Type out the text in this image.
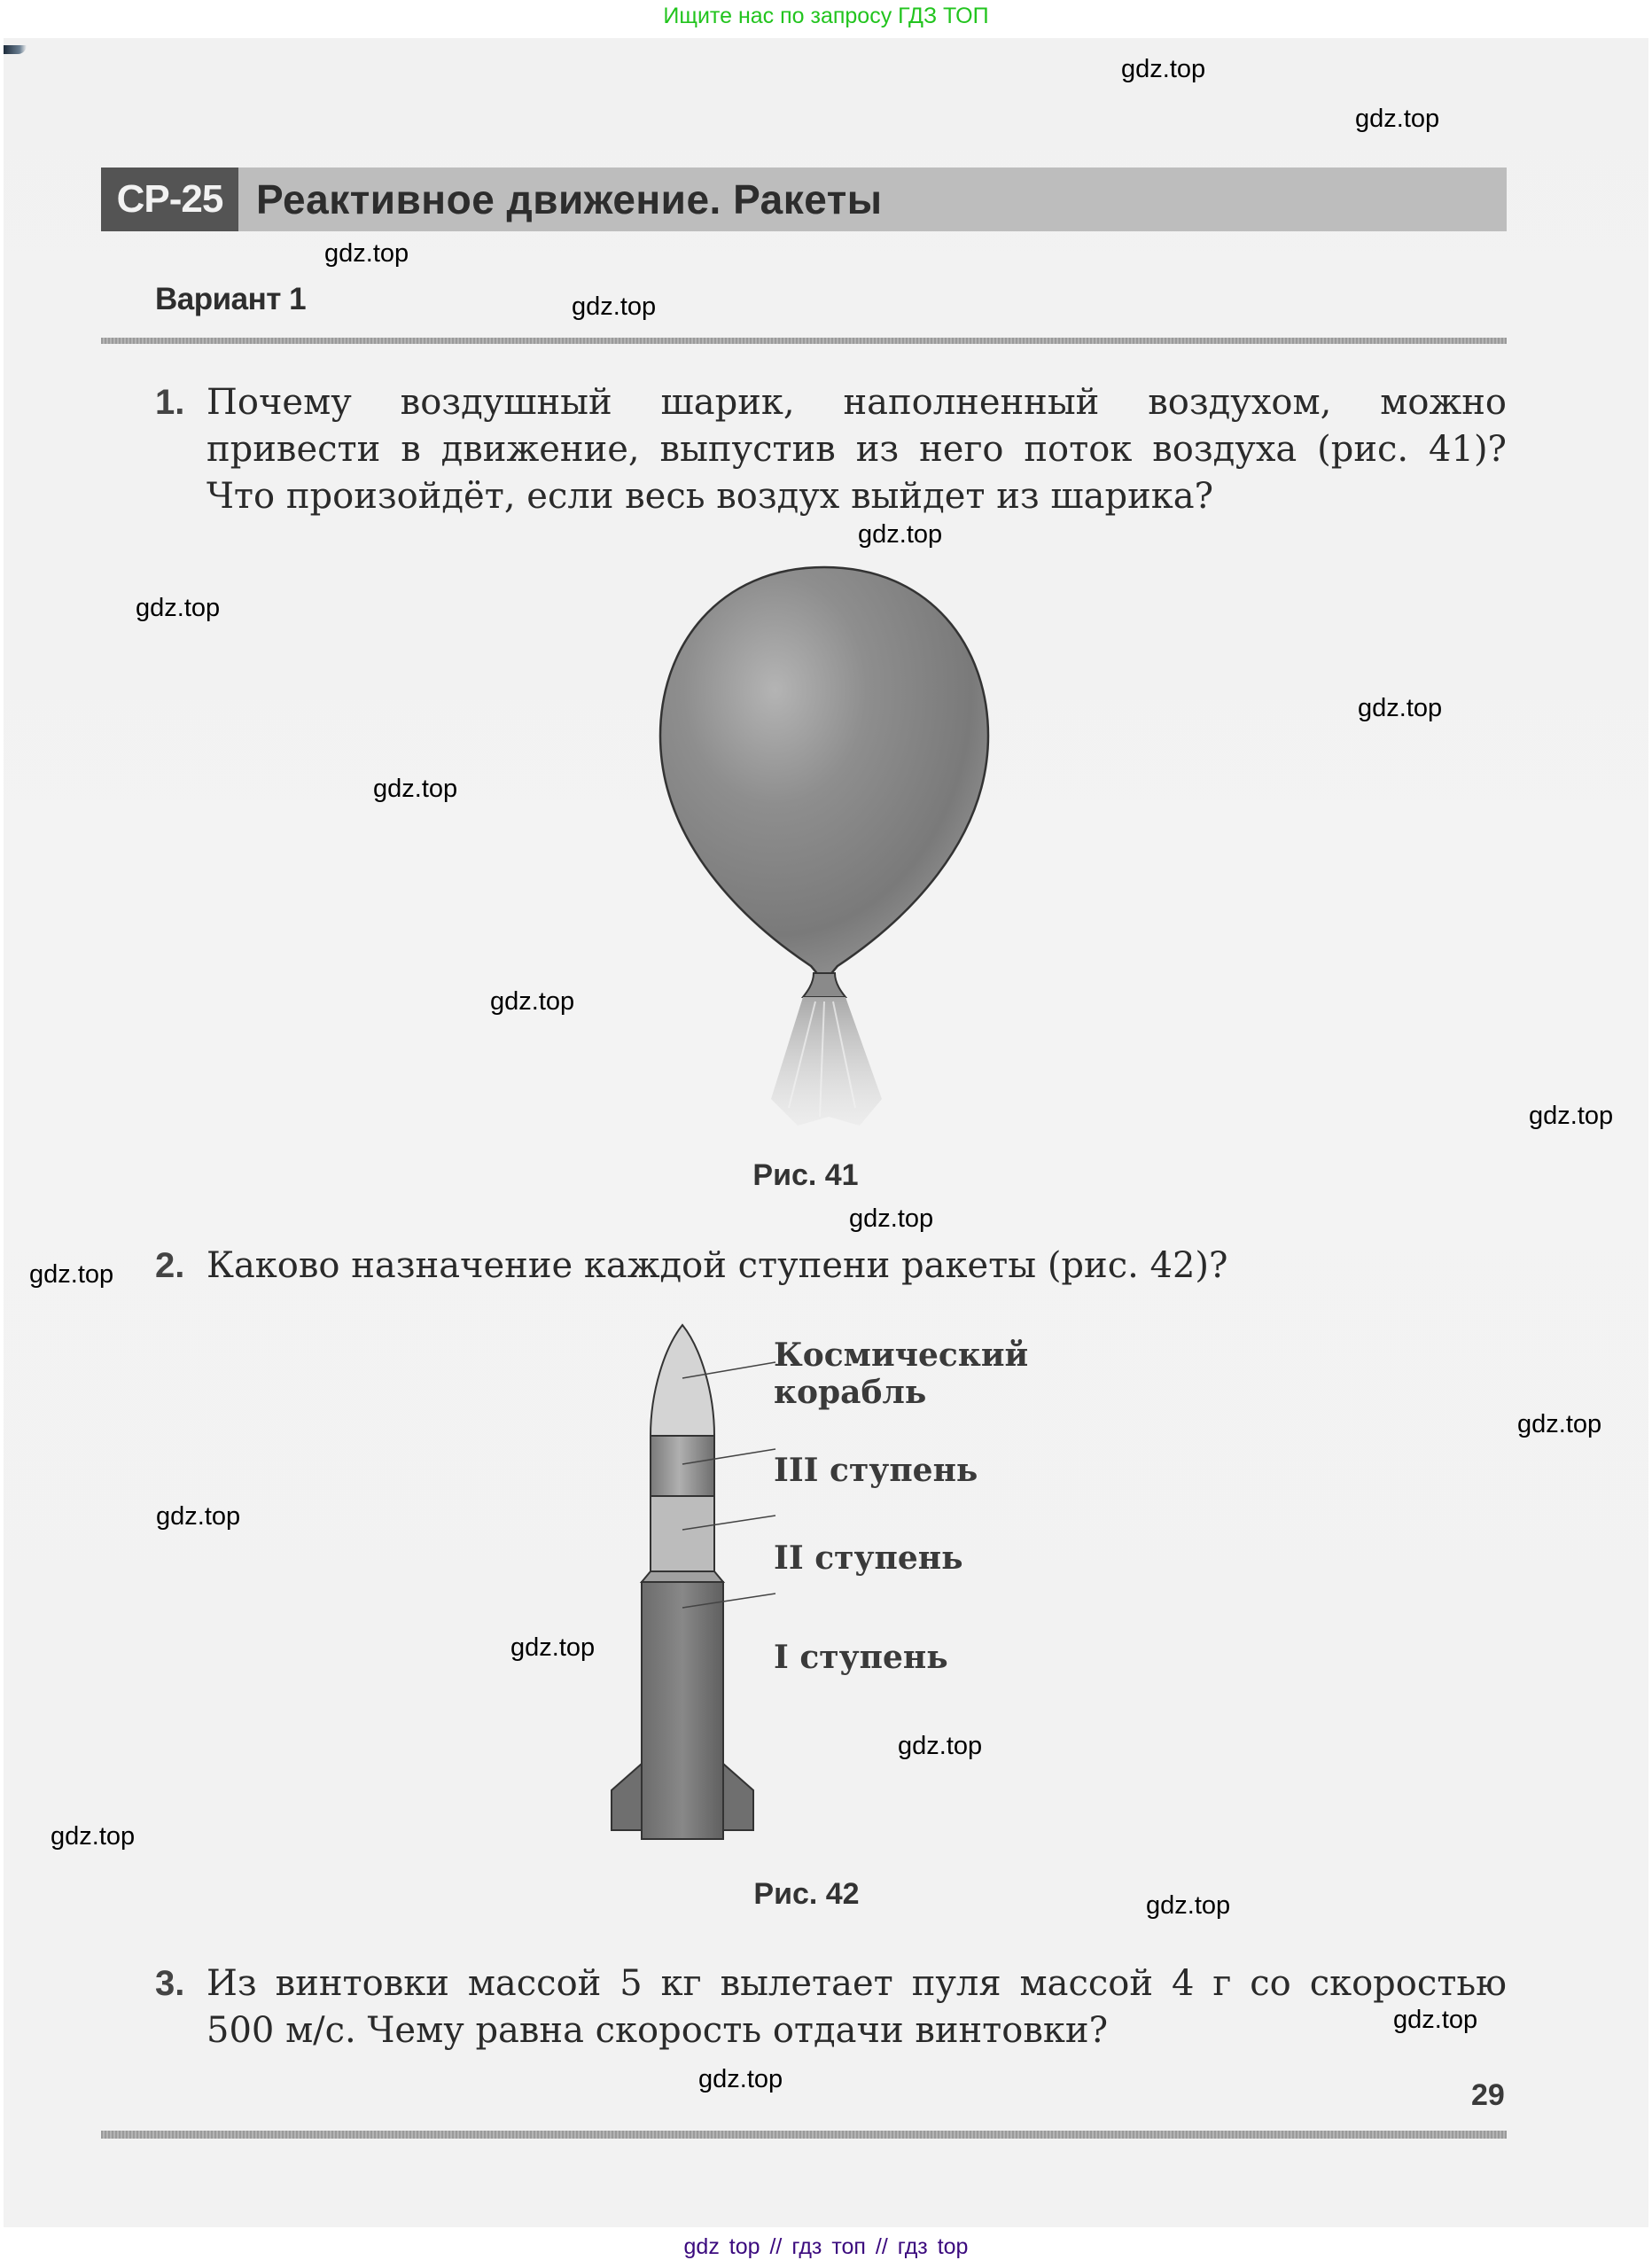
Ищите нас по запросу ГДЗ ТОП
СР-25 Реактивное движение. Ракеты
Вариант 1
1. Почему воздушный шарик, наполненный воздухом, можно
привести в движение, выпустив из него поток воздуха (рис. 41)?
Что произойдёт, если весь воздух выйдет из шарика?
Рис. 41
2. Каково назначение каждой ступени ракеты (рис. 42)?
Космический
корабль
III ступень
II ступень
I ступень
Рис. 42
3. Из винтовки массой 5 кг вылетает пуля массой 4 г со скоростью
500 м/с. Чему равна скорость отдачи винтовки?
29
gdz.top
gdz.top
gdz.top
gdz.top
gdz.top
gdz.top
gdz.top
gdz.top
gdz.top
gdz.top
gdz.top
gdz.top
gdz.top
gdz.top
gdz.top
gdz.top
gdz.top
gdz.top
gdz.top
gdz.top
gdz top // гдз топ // гдз top
